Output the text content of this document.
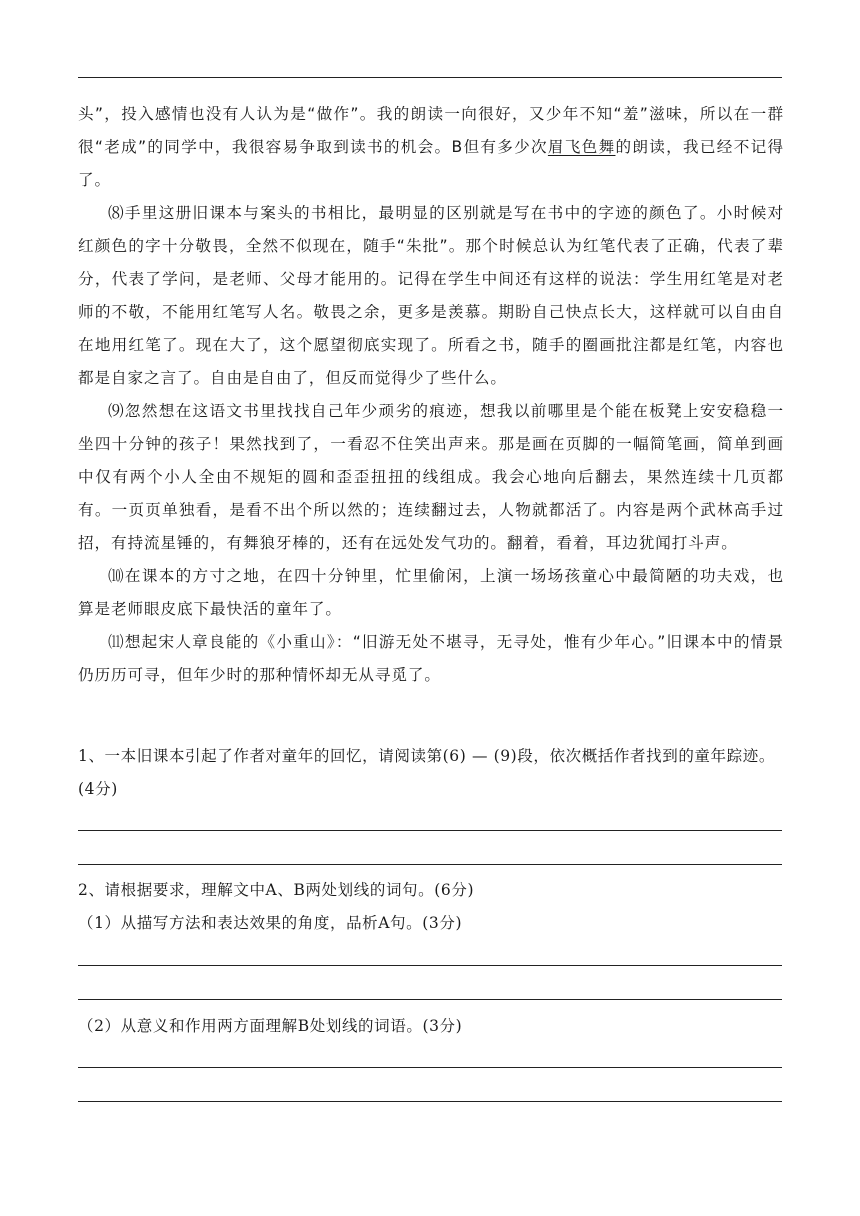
头”，投入感情也没有人认为是“做作”。我的朗读一向很好，又少年不知“羞”滋味，所以在一群很“老成”的同学中，我很容易争取到读书的机会。B但有多少次眉飞色舞的朗读，我已经不记得了。

⑻手里这册旧课本与案头的书相比，最明显的区别就是写在书中的字迹的颜色了。小时候对红颜色的字十分敬畏，全然不似现在，随手“朱批”。那个时候总认为红笔代表了正确，代表了辈分，代表了学问，是老师、父母才能用的。记得在学生中间还有这样的说法：学生用红笔是对老师的不敬，不能用红笔写人名。敬畏之余，更多是羡慕。期盼自己快点长大，这样就可以自由自在地用红笔了。现在大了，这个愿望彻底实现了。所看之书，随手的圈画批注都是红笔，内容也都是自家之言了。自由是自由了，但反而觉得少了些什么。

⑼忽然想在这语文书里找找自己年少顽劣的痕迹，想我以前哪里是个能在板凳上安安稳稳一坐四十分钟的孩子！果然找到了，一看忍不住笑出声来。那是画在页脚的一幅简笔画，简单到画中仅有两个小人全由不规矩的圆和歪歪扭扭的线组成。我会心地向后翻去，果然连续十几页都有。一页页单独看，是看不出个所以然的；连续翻过去，人物就都活了。内容是两个武林高手过招，有持流星锤的，有舞狼牙棒的，还有在远处发气功的。翻着，看着，耳边犹闻打斗声。

⑽在课本的方寸之地，在四十分钟里，忙里偷闲，上演一场场孩童心中最简陋的功夫戏，也算是老师眼皮底下最快活的童年了。

⑾想起宋人章良能的《小重山》：“旧游无处不堪寻，无寻处，惟有少年心。”旧课本中的情景仍历历可寻，但年少时的那种情怀却无从寻觅了。

1、一本旧课本引起了作者对童年的回忆，请阅读第(6) — (9)段，依次概括作者找到的童年踪迹。(4分)

2、请根据要求，理解文中A、B两处划线的词句。(6分)

（1）从描写方法和表达效果的角度，品析A句。(3分)

（2）从意义和作用两方面理解B处划线的词语。(3分)
